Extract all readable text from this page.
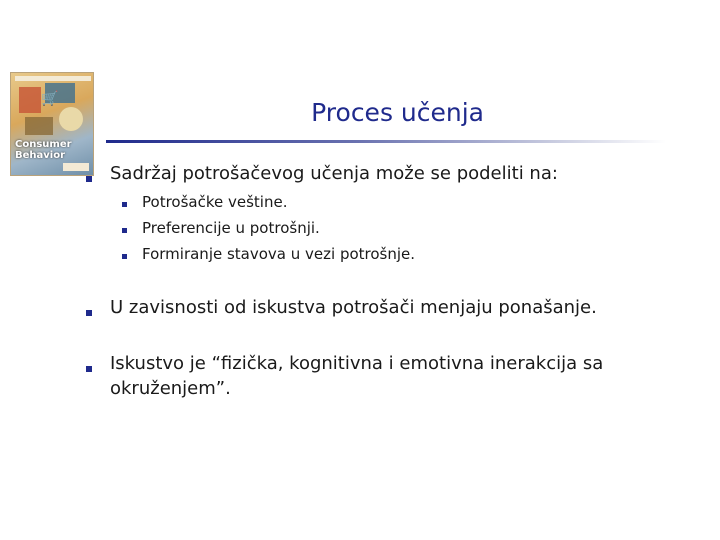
🛒
Consumer Behavior
Proces učenja
Sadržaj potrošačevog učenja može se podeliti na:
Potrošačke veštine.
Preferencije u potrošnji.
Formiranje stavova u vezi potrošnje.
U zavisnosti od iskustva potrošači menjaju ponašanje.
Iskustvo je “fizička, kognitivna i emotivna inerakcija sa
okruženjem”.
